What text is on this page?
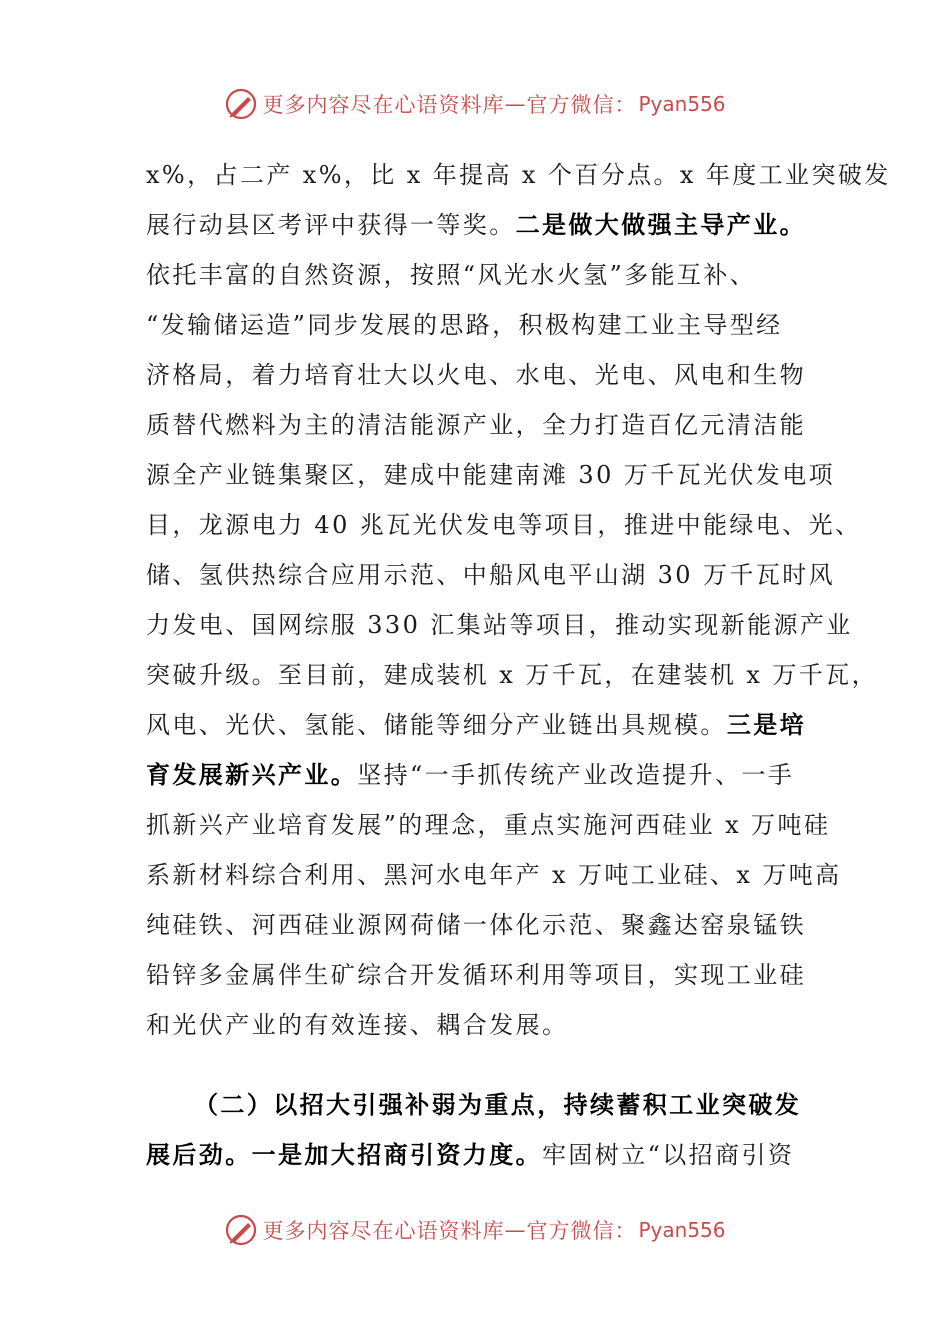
更多内容尽在心语资料库 — 官方微信： Pyan556
x%，占二产 x%，比 x 年提高 x 个百分点。x 年度工业突破发
展行动县区考评中获得一等奖。二是做大做强主导产业。
依托丰富的自然资源，按照“风光水火氢”多能互补、
“发输储运造”同步发展的思路，积极构建工业主导型经
济格局，着力培育壮大以火电、水电、光电、风电和生物
质替代燃料为主的清洁能源产业，全力打造百亿元清洁能
源全产业链集聚区，建成中能建南滩 30 万千瓦光伏发电项
目，龙源电力 40 兆瓦光伏发电等项目，推进中能绿电、光、
储、氢供热综合应用示范、中船风电平山湖 30 万千瓦时风
力发电、国网综服 330 汇集站等项目，推动实现新能源产业
突破升级。至目前，建成装机 x 万千瓦，在建装机 x 万千瓦，
风电、光伏、氢能、储能等细分产业链出具规模。三是培
育发展新兴产业。坚持“一手抓传统产业改造提升、一手
抓新兴产业培育发展”的理念，重点实施河西硅业 x 万吨硅
系新材料综合利用、黑河水电年产 x 万吨工业硅、x 万吨高
纯硅铁、河西硅业源网荷储一体化示范、聚鑫达窑泉锰铁
铅锌多金属伴生矿综合开发循环利用等项目，实现工业硅
和光伏产业的有效连接、耦合发展。
（二）以招大引强补弱为重点，持续蓄积工业突破发
展后劲。一是加大招商引资力度。牢固树立“以招商引资
更多内容尽在心语资料库 — 官方微信： Pyan556
